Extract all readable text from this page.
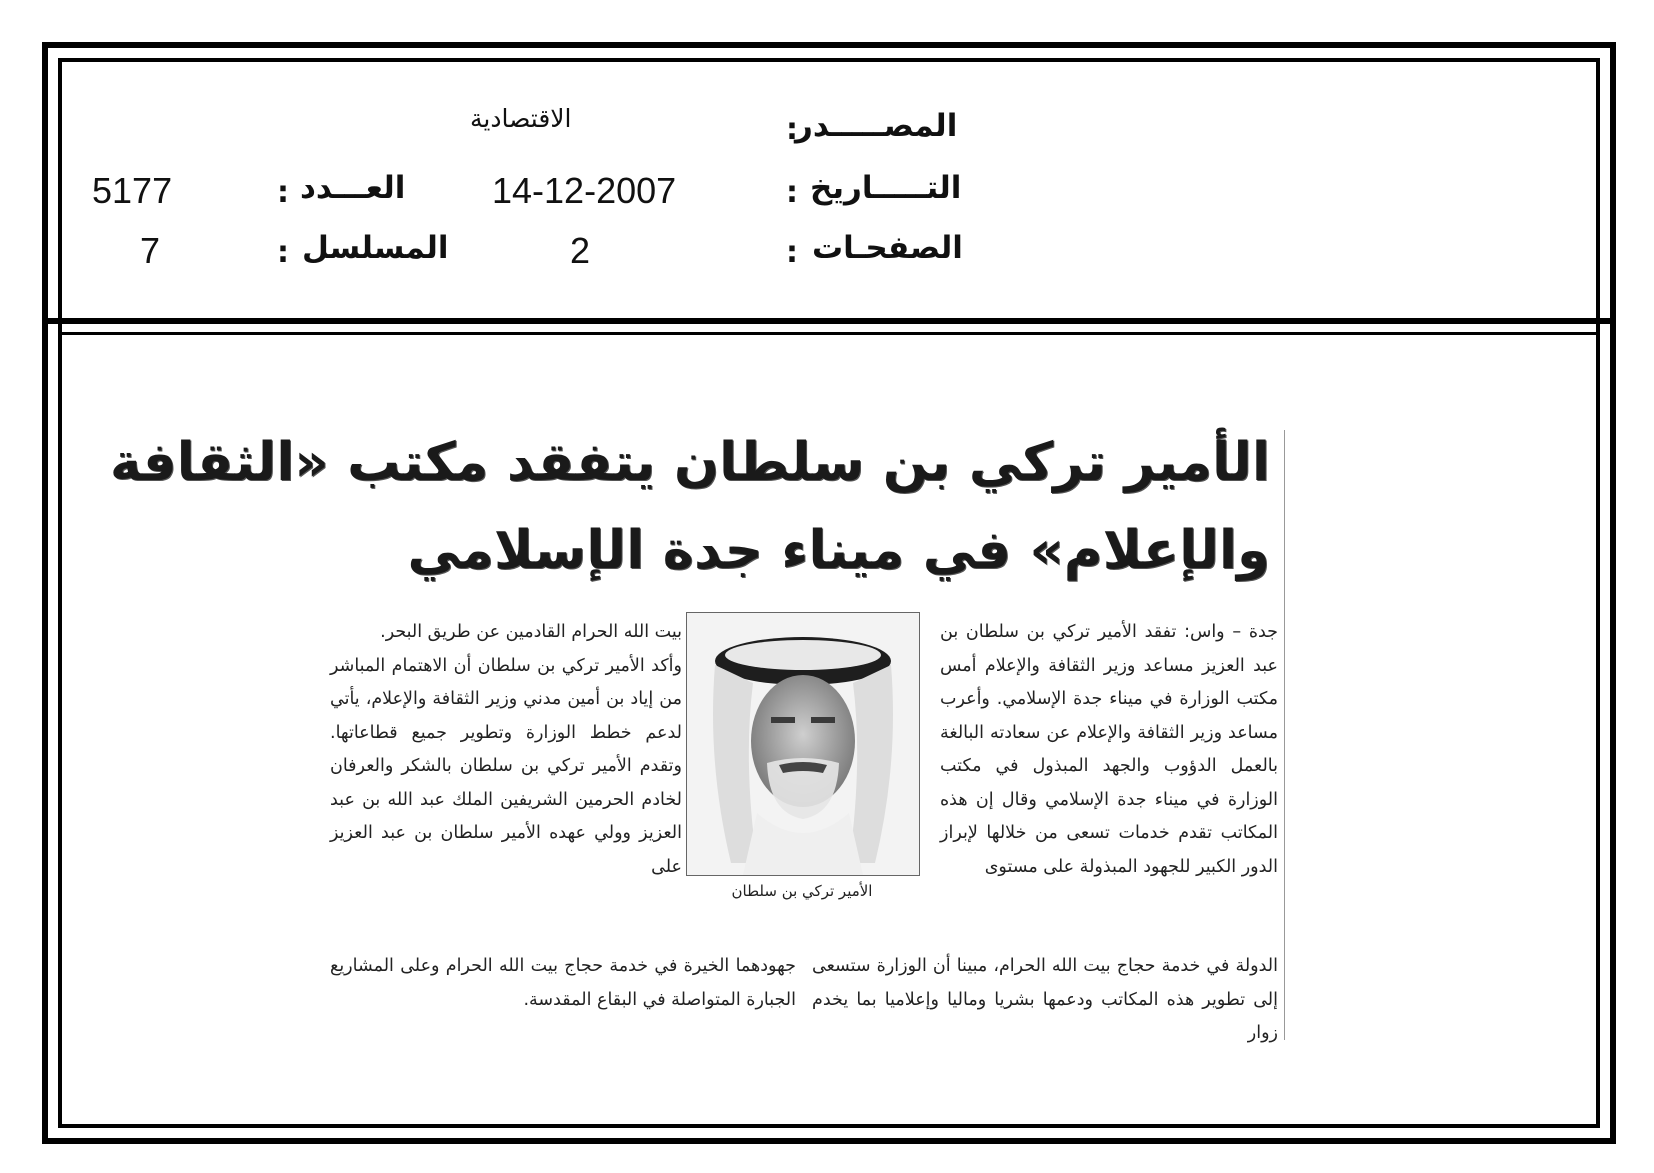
المصـــــدر
:
الاقتصادية
التـــــاريخ
:
14-12-2007
العـــدد
:
5177
الصفحـات
:
2
المسلسل
:
7
الأمير تركي بن سلطان يتفقد مكتب «الثقافة
والإعلام» في ميناء جدة الإسلامي

جدة – واس: تفقد الأمير تركي بن سلطان بن عبد العزيز مساعد وزير الثقافة والإعلام أمس مكتب الوزارة في ميناء جدة الإسلامي. وأعرب مساعد وزير الثقافة والإعلام عن سعادته البالغة بالعمل الدؤوب والجهد المبذول في مكتب الوزارة في ميناء جدة الإسلامي وقال إن هذه المكاتب تقدم خدمات تسعى من خلالها لإبراز الدور الكبير للجهود المبذولة على مستوى

الأمير تركي بن سلطان

بيت الله الحرام القادمين عن طريق البحر.

وأكد الأمير تركي بن سلطان أن الاهتمام المباشر من إياد بن أمين مدني وزير الثقافة والإعلام، يأتي لدعم خطط الوزارة وتطوير جميع قطاعاتها. وتقدم الأمير تركي بن سلطان بالشكر والعرفان لخادم الحرمين الشريفين الملك عبد الله بن عبد العزيز وولي عهده الأمير سلطان بن عبد العزيز على

الدولة في خدمة حجاج بيت الله الحرام، مبينا أن الوزارة ستسعى إلى تطوير هذه المكاتب ودعمها بشريا وماليا وإعلاميا بما يخدم زوار

جهودهما الخيرة في خدمة حجاج بيت الله الحرام وعلى المشاريع الجبارة المتواصلة في البقاع المقدسة.
